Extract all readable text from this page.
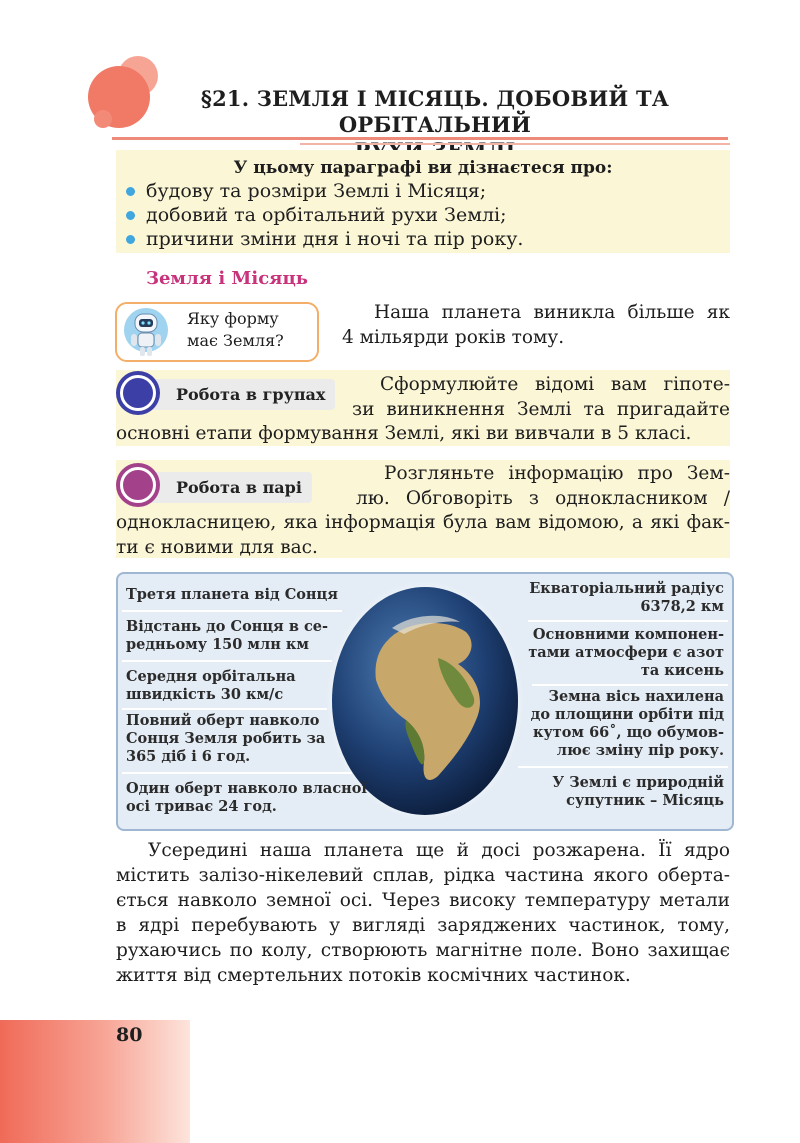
§21. ЗЕМЛЯ І МІСЯЦЬ. ДОБОВИЙ ТА ОРБІТАЛЬНИЙ
У цьому параграфі ви дізнаєтеся про:
будову та розміри Землі і Місяця;
добовий та орбітальний рухи Землі;
причини зміни дня і ночі та пір року.
Земля і Місяць
Яку форму
має Земля?
Наша планета виникла більше як
4 мільярди років тому.
Робота в групах	Сформулюйте відомі вам гіпоте-
зи виникнення Землі та пригадайте
основні етапи формування Землі, які ви вивчали в 5 класі.
Робота в парі
Розгляньте інформацію про Зем-
лю. Обговоріть з однокласником /
однокласницею, яка інформація була вам відомою, а які фак-
ти є новими для вас.
Третя планета від Сонця
Відстань до Сонця в се-
редньому 150 млн км
Середня орбітальна
швидкість 30 км/с
Повний оберт навколо
Сонця Земля робить за
365 діб і 6 год.
Один оберт навколо власної
осі триває 24 год.
Екваторіальний радіус
6378,2 км
Основними компонен-
тами атмосфери є азот
та кисень
Земна вісь нахилена
до площини орбіти під
кутом 66˚, що обумов-
лює зміну пір року.
У Землі є природній
супутник – Місяць
Усередині наша планета ще й досі розжарена. Її ядро
містить залізо-нікелевий сплав, рідка частина якого оберта-
ється навколо земної осі. Через високу температуру метали
в ядрі перебувають у вигляді заряджених частинок, тому,
рухаючись по колу, створюють магнітне поле. Воно захищає
життя від смертельних потоків космічних частинок.
80
